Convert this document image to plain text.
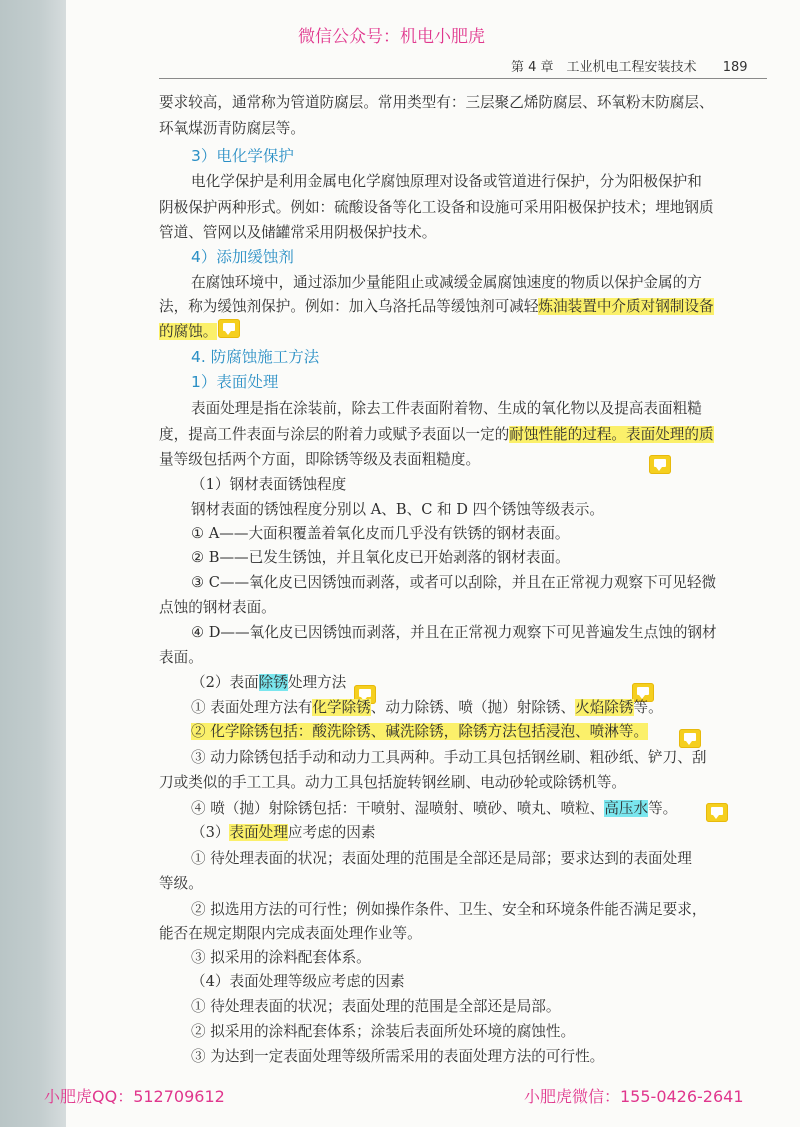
微信公众号：机电小肥虎
第 4 章　工业机电工程安装技术 189
要求较高，通常称为管道防腐层。常用类型有：三层聚乙烯防腐层、环氧粉末防腐层、
环氧煤沥青防腐层等。
3）电化学保护
电化学保护是利用金属电化学腐蚀原理对设备或管道进行保护，分为阳极保护和
阴极保护两种形式。例如：硫酸设备等化工设备和设施可采用阳极保护技术；埋地钢质
管道、管网以及储罐常采用阴极保护技术。
4）添加缓蚀剂
在腐蚀环境中，通过添加少量能阻止或减缓金属腐蚀速度的物质以保护金属的方
法，称为缓蚀剂保护。例如：加入乌洛托品等缓蚀剂可减轻炼油装置中介质对钢制设备
的腐蚀。
4. 防腐蚀施工方法
1）表面处理
表面处理是指在涂装前，除去工件表面附着物、生成的氧化物以及提高表面粗糙
度，提高工件表面与涂层的附着力或赋予表面以一定的耐蚀性能的过程。表面处理的质
量等级包括两个方面，即除锈等级及表面粗糙度。
（1）钢材表面锈蚀程度
钢材表面的锈蚀程度分别以 A、B、C 和 D 四个锈蚀等级表示。
① A——大面积覆盖着氧化皮而几乎没有铁锈的钢材表面。
② B——已发生锈蚀，并且氧化皮已开始剥落的钢材表面。
③ C——氧化皮已因锈蚀而剥落，或者可以刮除，并且在正常视力观察下可见轻微
点蚀的钢材表面。
④ D——氧化皮已因锈蚀而剥落，并且在正常视力观察下可见普遍发生点蚀的钢材
表面。
（2）表面除锈处理方法
① 表面处理方法有化学除锈、动力除锈、喷（抛）射除锈、火焰除锈等。
② 化学除锈包括：酸洗除锈、碱洗除锈，除锈方法包括浸泡、喷淋等。
③ 动力除锈包括手动和动力工具两种。手动工具包括钢丝刷、粗砂纸、铲刀、刮
刀或类似的手工工具。动力工具包括旋转钢丝刷、电动砂轮或除锈机等。
④ 喷（抛）射除锈包括：干喷射、湿喷射、喷砂、喷丸、喷粒、高压水等。
（3）表面处理应考虑的因素
① 待处理表面的状况；表面处理的范围是全部还是局部；要求达到的表面处理
等级。
② 拟选用方法的可行性；例如操作条件、卫生、安全和环境条件能否满足要求，
能否在规定期限内完成表面处理作业等。
③ 拟采用的涂料配套体系。
（4）表面处理等级应考虑的因素
① 待处理表面的状况；表面处理的范围是全部还是局部。
② 拟采用的涂料配套体系；涂装后表面所处环境的腐蚀性。
③ 为达到一定表面处理等级所需采用的表面处理方法的可行性。
小肥虎QQ：512709612	小肥虎微信：155-0426-2641
